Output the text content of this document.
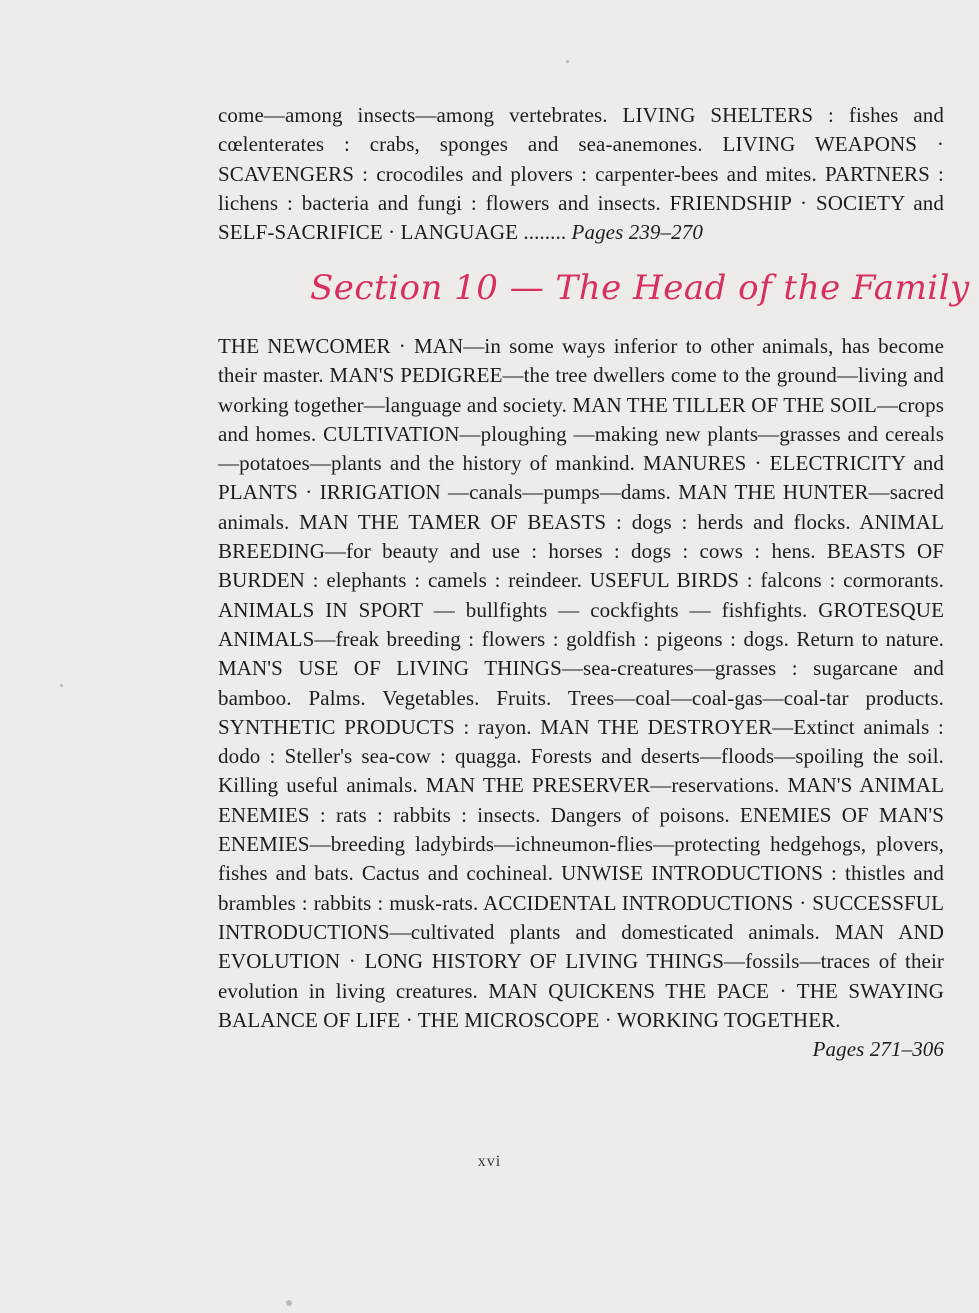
come—among insects—among vertebrates. LIVING SHELTERS : fishes and cœlenterates : crabs, sponges and sea-anemones. LIVING WEAPONS · SCAVENGERS : crocodiles and plovers : carpenter-bees and mites. PARTNERS : lichens : bacteria and fungi : flowers and insects. FRIENDSHIP · SOCIETY and SELF-SACRIFICE · LANGUAGE ........ Pages 239–270
Section 10 — The Head of the Family
THE NEWCOMER · MAN—in some ways inferior to other animals, has become their master. MAN'S PEDIGREE—the tree dwellers come to the ground—living and working together—language and society. MAN THE TILLER OF THE SOIL—crops and homes. CULTIVATION—ploughing —making new plants—grasses and cereals—potatoes—plants and the history of mankind. MANURES · ELECTRICITY and PLANTS · IRRIGATION —canals—pumps—dams. MAN THE HUNTER—sacred animals. MAN THE TAMER OF BEASTS : dogs : herds and flocks. ANIMAL BREEDING—for beauty and use : horses : dogs : cows : hens. BEASTS OF BURDEN : elephants : camels : reindeer. USEFUL BIRDS : falcons : cormorants. ANIMALS IN SPORT — bullfights — cockfights — fishfights. GROTESQUE ANIMALS—freak breeding : flowers : goldfish : pigeons : dogs. Return to nature. MAN'S USE OF LIVING THINGS—sea-creatures—grasses : sugarcane and bamboo. Palms. Vegetables. Fruits. Trees—coal—coal-gas—coal-tar products. SYNTHETIC PRODUCTS : rayon. MAN THE DESTROYER—Extinct animals : dodo : Steller's sea-cow : quagga. Forests and deserts—floods—spoiling the soil. Killing useful animals. MAN THE PRESERVER—reservations. MAN'S ANIMAL ENEMIES : rats : rabbits : insects. Dangers of poisons. ENEMIES OF MAN'S ENEMIES—breeding ladybirds—ichneumon-flies—protecting hedgehogs, plovers, fishes and bats. Cactus and cochineal. UNWISE INTRODUCTIONS : thistles and brambles : rabbits : musk-rats. ACCIDENTAL INTRODUCTIONS · SUCCESSFUL INTRODUCTIONS—cultivated plants and domesticated animals. MAN AND EVOLUTION · LONG HISTORY OF LIVING THINGS—fossils—traces of their evolution in living creatures. MAN QUICKENS THE PACE · THE SWAYING BALANCE OF LIFE · THE MICROSCOPE · WORKING TOGETHER.
Pages 271–306
xvi
